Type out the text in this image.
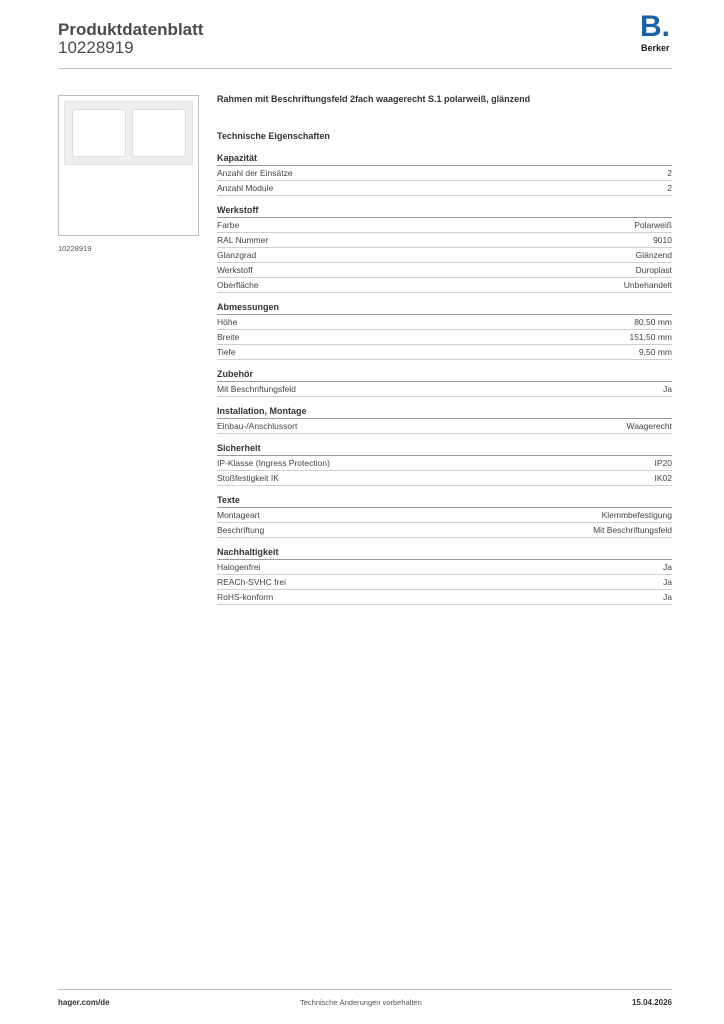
Produktdatenblatt
10228919
B.
Berker
10228919
Rahmen mit Beschriftungsfeld 2fach waagerecht S.1 polarweiß, glänzend
Technische Eigenschaften
Kapazität
Anzahl der Einsätze	2
Anzahl Module	2
Werkstoff
Farbe	Polarweiß
RAL Nummer	9010
Glanzgrad	Glänzend
Werkstoff	Duroplast
Oberfläche	Unbehandelt
Abmessungen
Höhe	80,50 mm
Breite	151,50 mm
Tiefe	9,50 mm
Zubehör
Mit Beschriftungsfeld	Ja
Installation, Montage
Einbau-/Anschlussort	Waagerecht
Sicherheit
IP-Klasse (Ingress Protection)	IP20
Stoßfestigkeit IK	IK02
Texte
Montageart	Klemmbefestigung
Beschriftung	Mit Beschriftungsfeld
Nachhaltigkeit
Halogenfrei	Ja
REACh-SVHC frei	Ja
RoHS-konform	Ja
hager.com/de	Technische Änderungen vorbehalten	15.04.2026
